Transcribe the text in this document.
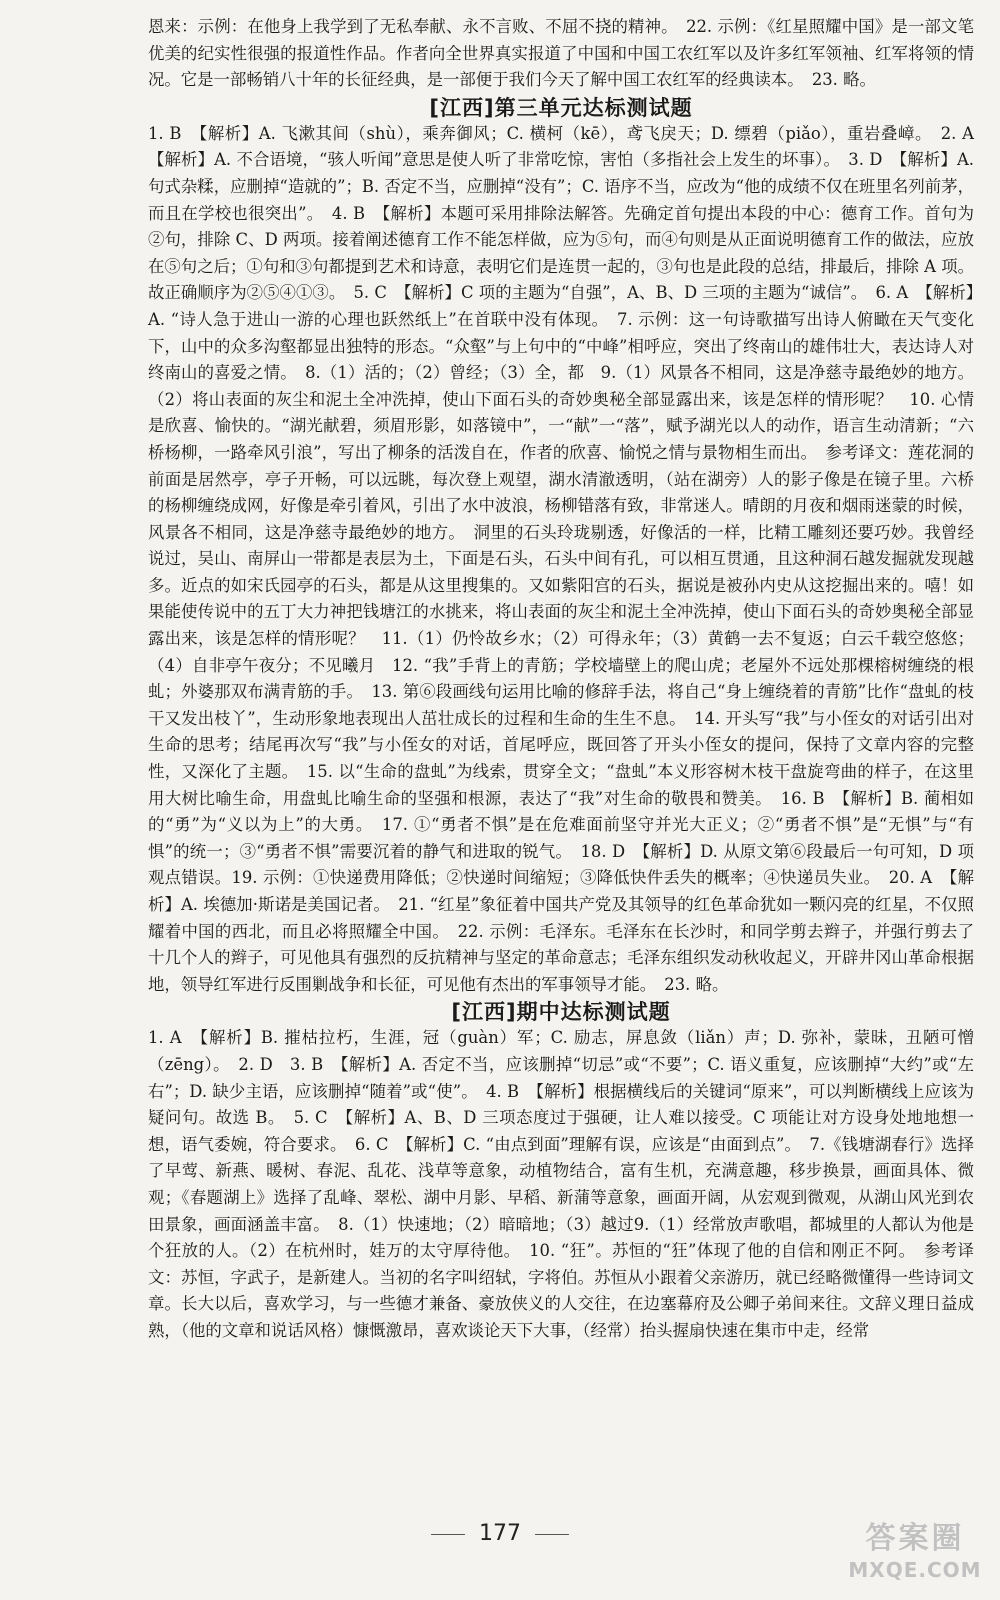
恩来：示例：在他身上我学到了无私奉献、永不言败、不屈不挠的精神。　22. 示例：《红星照耀中国》是一部文笔优美的纪实性很强的报道性作品。作者向全世界真实报道了中国和中国工农红军以及许多红军领袖、红军将领的情况。它是一部畅销八十年的长征经典，是一部便于我们今天了解中国工农红军的经典读本。　23. 略。

[江西]第三单元达标测试题

1. B　【解析】A. 飞漱其间（shù），乘奔御风；C. 横柯（kē），鸢飞戾天；D. 缥碧（piǎo），重岩叠嶂。　2. A　【解析】A. 不合语境，“骇人听闻”意思是使人听了非常吃惊，害怕（多指社会上发生的坏事）。　3. D　【解析】A. 句式杂糅，应删掉“造就的”；B. 否定不当，应删掉“没有”；C. 语序不当，应改为“他的成绩不仅在班里名列前茅，而且在学校也很突出”。　4. B　【解析】本题可采用排除法解答。先确定首句提出本段的中心：德育工作。首句为②句，排除 C、D 两项。接着阐述德育工作不能怎样做，应为⑤句，而④句则是从正面说明德育工作的做法，应放在⑤句之后；①句和③句都提到艺术和诗意，表明它们是连贯一起的，③句也是此段的总结，排最后，排除 A 项。故正确顺序为②⑤④①③。　5. C　【解析】C 项的主题为“自强”，A、B、D 三项的主题为“诚信”。　6. A　【解析】A. “诗人急于进山一游的心理也跃然纸上”在首联中没有体现。　7. 示例：这一句诗歌描写出诗人俯瞰在天气变化下，山中的众多沟壑都显出独特的形态。“众壑”与上句中的“中峰”相呼应，突出了终南山的雄伟壮大，表达诗人对终南山的喜爱之情。　8.（1）活的；（2）曾经；（3）全，都　9.（1）风景各不相同，这是净慈寺最绝妙的地方。（2）将山表面的灰尘和泥土全冲洗掉，使山下面石头的奇妙奥秘全部显露出来，该是怎样的情形呢？　10. 心情是欣喜、愉快的。“湖光献碧，须眉形影，如落镜中”，一“献”一“落”，赋予湖光以人的动作，语言生动清新；“六桥杨柳，一路牵风引浪”，写出了柳条的活泼自在，作者的欣喜、愉悦之情与景物相生而出。　参考译文：莲花洞的前面是居然亭，亭子开畅，可以远眺，每次登上观望，湖水清澈透明，（站在湖旁）人的影子像是在镜子里。六桥的杨柳缠绕成网，好像是牵引着风，引出了水中波浪，杨柳错落有致，非常迷人。晴朗的月夜和烟雨迷蒙的时候，风景各不相同，这是净慈寺最绝妙的地方。　洞里的石头玲珑剔透，好像活的一样，比精工雕刻还要巧妙。我曾经说过，吴山、南屏山一带都是表层为土，下面是石头，石头中间有孔，可以相互贯通，且这种洞石越发掘就发现越多。近点的如宋氏园亭的石头，都是从这里搜集的。又如紫阳宫的石头，据说是被孙内史从这挖掘出来的。嘻！如果能使传说中的五丁大力神把钱塘江的水挑来，将山表面的灰尘和泥土全冲洗掉，使山下面石头的奇妙奥秘全部显露出来，该是怎样的情形呢？　11.（1）仍怜故乡水；（2）可得永年；（3）黄鹤一去不复返；白云千载空悠悠；（4）自非亭午夜分；不见曦月　12. “我”手背上的青筋；学校墙壁上的爬山虎；老屋外不远处那棵榕树缠绕的根虬；外婆那双布满青筋的手。　13. 第⑥段画线句运用比喻的修辞手法，将自己“身上缠绕着的青筋”比作“盘虬的枝干又发出枝丫”，生动形象地表现出人茁壮成长的过程和生命的生生不息。　14. 开头写“我”与小侄女的对话引出对生命的思考；结尾再次写“我”与小侄女的对话，首尾呼应，既回答了开头小侄女的提问，保持了文章内容的完整性，又深化了主题。　15. 以“生命的盘虬”为线索，贯穿全文；“盘虬”本义形容树木枝干盘旋弯曲的样子，在这里用大树比喻生命，用盘虬比喻生命的坚强和根源，表达了“我”对生命的敬畏和赞美。　16. B　【解析】B. 蔺相如的“勇”为“义以为上”的大勇。　17. ①“勇者不惧”是在危难面前坚守并光大正义；②“勇者不惧”是“无惧”与“有惧”的统一；③“勇者不惧”需要沉着的静气和进取的锐气。　18. D　【解析】D. 从原文第⑥段最后一句可知，D 项观点错误。19. 示例：①快递费用降低；②快递时间缩短；③降低快件丢失的概率；④快递员失业。　20. A　【解析】A. 埃德加·斯诺是美国记者。　21. “红星”象征着中国共产党及其领导的红色革命犹如一颗闪亮的红星，不仅照耀着中国的西北，而且必将照耀全中国。　22. 示例：毛泽东。毛泽东在长沙时，和同学剪去辫子，并强行剪去了十几个人的辫子，可见他具有强烈的反抗精神与坚定的革命意志；毛泽东组织发动秋收起义，开辟井冈山革命根据地，领导红军进行反围剿战争和长征，可见他有杰出的军事领导才能。　23. 略。

[江西]期中达标测试题

1. A　【解析】B. 摧枯拉朽，生涯，冠（guàn）军；C. 励志，屏息敛（liǎn）声；D. 弥补，蒙昧，丑陋可憎（zēng）。　2. D　3. B　【解析】A. 否定不当，应该删掉“切忌”或“不要”；C. 语义重复，应该删掉“大约”或“左右”；D. 缺少主语，应该删掉“随着”或“使”。　4. B　【解析】根据横线后的关键词“原来”，可以判断横线上应该为疑问句。故选 B。　5. C　【解析】A、B、D 三项态度过于强硬，让人难以接受。C 项能让对方设身处地地想一想，语气委婉，符合要求。　6. C　【解析】C. “由点到面”理解有误，应该是“由面到点”。　7.《钱塘湖春行》选择了早莺、新燕、暖树、春泥、乱花、浅草等意象，动植物结合，富有生机，充满意趣，移步换景，画面具体、微观；《春题湖上》选择了乱峰、翠松、湖中月影、早稻、新蒲等意象，画面开阔，从宏观到微观，从湖山风光到农田景象，画面涵盖丰富。　8.（1）快速地；（2）暗暗地；（3）越过9.（1）经常放声歌唱，都城里的人都认为他是个狂放的人。（2）在杭州时，娃万的太守厚待他。　10. “狂”。苏恒的“狂”体现了他的自信和刚正不阿。　参考译文：苏恒，字武子，是新建人。当初的名字叫绍轼，字将伯。苏恒从小跟着父亲游历，就已经略微懂得一些诗词文章。长大以后，喜欢学习，与一些德才兼备、豪放侠义的人交往，在边塞幕府及公卿子弟间来往。文辞义理日益成熟，（他的文章和说话风格）慷慨激昂，喜欢谈论天下大事，（经常）抬头握扇快速在集市中走，经常

177	答案圈
MXQE.COM
